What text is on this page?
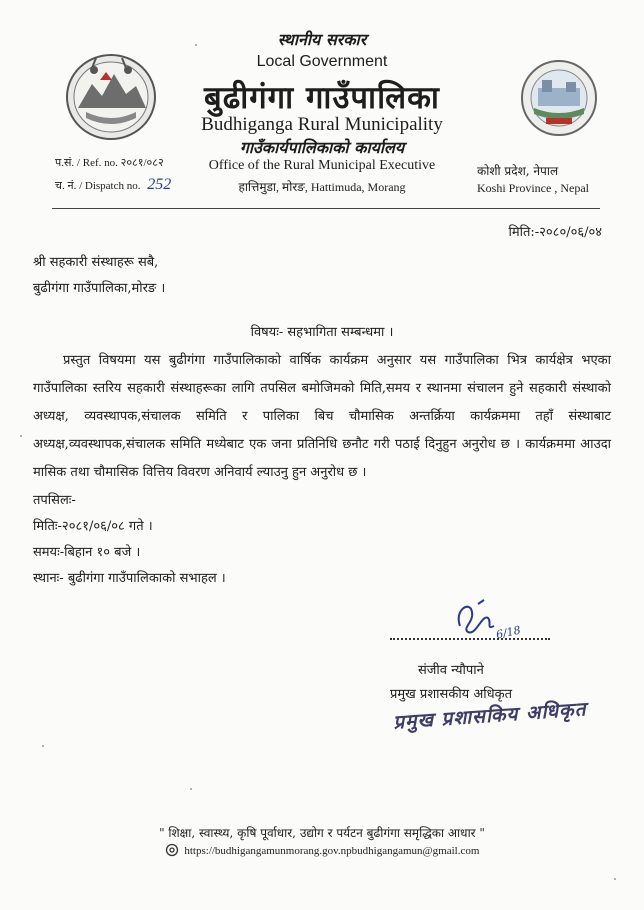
स्थानीय सरकार
Local Government
बुढीगंगा गाउँपालिका
Budhiganga Rural Municipality
गाउँकार्यपालिकाको कार्यालय
Office of the Rural Municipal Executive
हात्तिमुडा, मोरङ, Hattimuda, Morang
प.सं. / Ref. no. २०८१/०८२
च. नं. / Dispatch no. 252
कोशी प्रदेश, नेपाल
Koshi Province , Nepal
मिति:-२०८०/०६/०४
श्री सहकारी संस्थाहरू सबै,
बुढीगंगा गाउँपालिका,मोरङ ।
विषयः- सहभागिता सम्बन्धमा ।

प्रस्तुत विषयमा यस बुढीगंगा गाउँपालिकाको वार्षिक कार्यक्रम अनुसार यस गाउँपालिका भित्र कार्यक्षेत्र भएका गाउँपालिका स्तरिय सहकारी संस्थाहरूका लागि तपसिल बमोजिमको मिति,समय र स्थानमा संचालन हुने सहकारी संस्थाको अध्यक्ष, व्यवस्थापक,संचालक समिति र पालिका बिच चौमासिक अन्तर्क्रिया कार्यक्रममा तहाँ संस्थाबाट अध्यक्ष,व्यवस्थापक,संचालक समिति मध्येबाट एक जना प्रतिनिधि छनौट गरी पठाई दिनुहुन अनुरोध छ । कार्यक्रममा आउदा मासिक तथा चौमासिक वित्तिय विवरण अनिवार्य ल्याउनु हुन अनुरोध छ ।

तपसिलः-
मितिः-२०८१/०६/०८ गते ।
समयः-बिहान १० बजे ।
स्थानः- बुढीगंगा गाउँपालिकाको सभाहल ।
6/18
संजीव न्यौपाने
प्रमुख प्रशासकीय अधिकृत
प्रमुख प्रशासकिय अधिकृत
" शिक्षा, स्वास्थ्य, कृषि पूर्वाधार, उद्योग र पर्यटन बुढीगंगा समृद्धिका आधार "
https://budhigangamunmorang.gov.npbudhigangamun@gmail.com
